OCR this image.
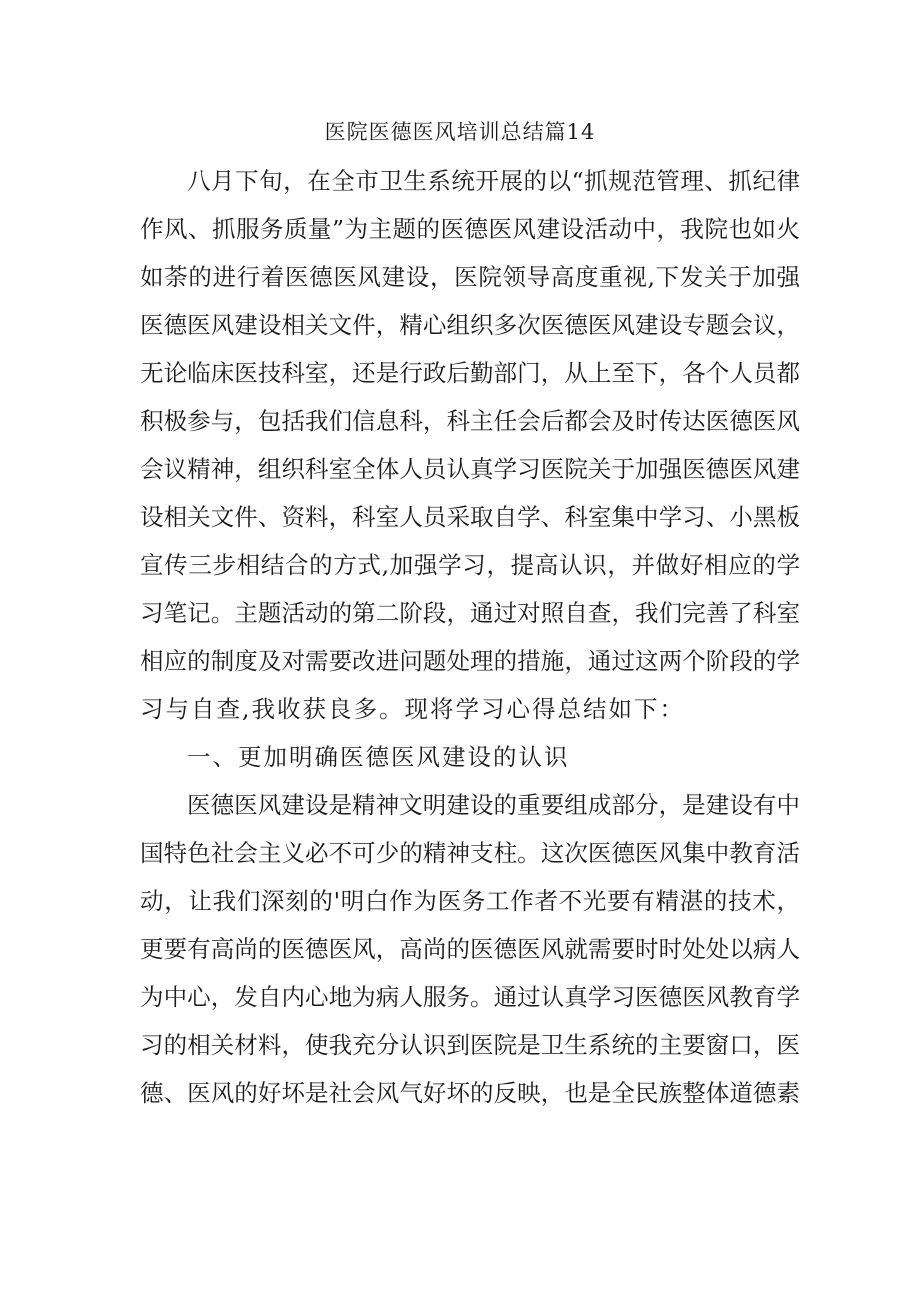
医院医德医风培训总结篇14

八月下旬，在全市卫生系统开展的以“抓规范管理、抓纪律

作风、抓服务质量”为主题的医德医风建设活动中，我院也如火

如荼的进行着医德医风建设，医院领导高度重视,下发关于加强

医德医风建设相关文件，精心组织多次医德医风建设专题会议，

无论临床医技科室，还是行政后勤部门，从上至下，各个人员都

积极参与，包括我们信息科，科主任会后都会及时传达医德医风

会议精神，组织科室全体人员认真学习医院关于加强医德医风建

设相关文件、资料，科室人员采取自学、科室集中学习、小黑板

宣传三步相结合的方式,加强学习，提高认识，并做好相应的学

习笔记。主题活动的第二阶段，通过对照自查，我们完善了科室

相应的制度及对需要改进问题处理的措施，通过这两个阶段的学

习与自查,我收获良多。现将学习心得总结如下：

一、更加明确医德医风建设的认识

医德医风建设是精神文明建设的重要组成部分，是建设有中

国特色社会主义必不可少的精神支柱。这次医德医风集中教育活

动，让我们深刻的'明白作为医务工作者不光要有精湛的技术，

更要有高尚的医德医风，高尚的医德医风就需要时时处处以病人

为中心，发自内心地为病人服务。通过认真学习医德医风教育学

习的相关材料，使我充分认识到医院是卫生系统的主要窗口，医

德、医风的好坏是社会风气好坏的反映，也是全民族整体道德素
